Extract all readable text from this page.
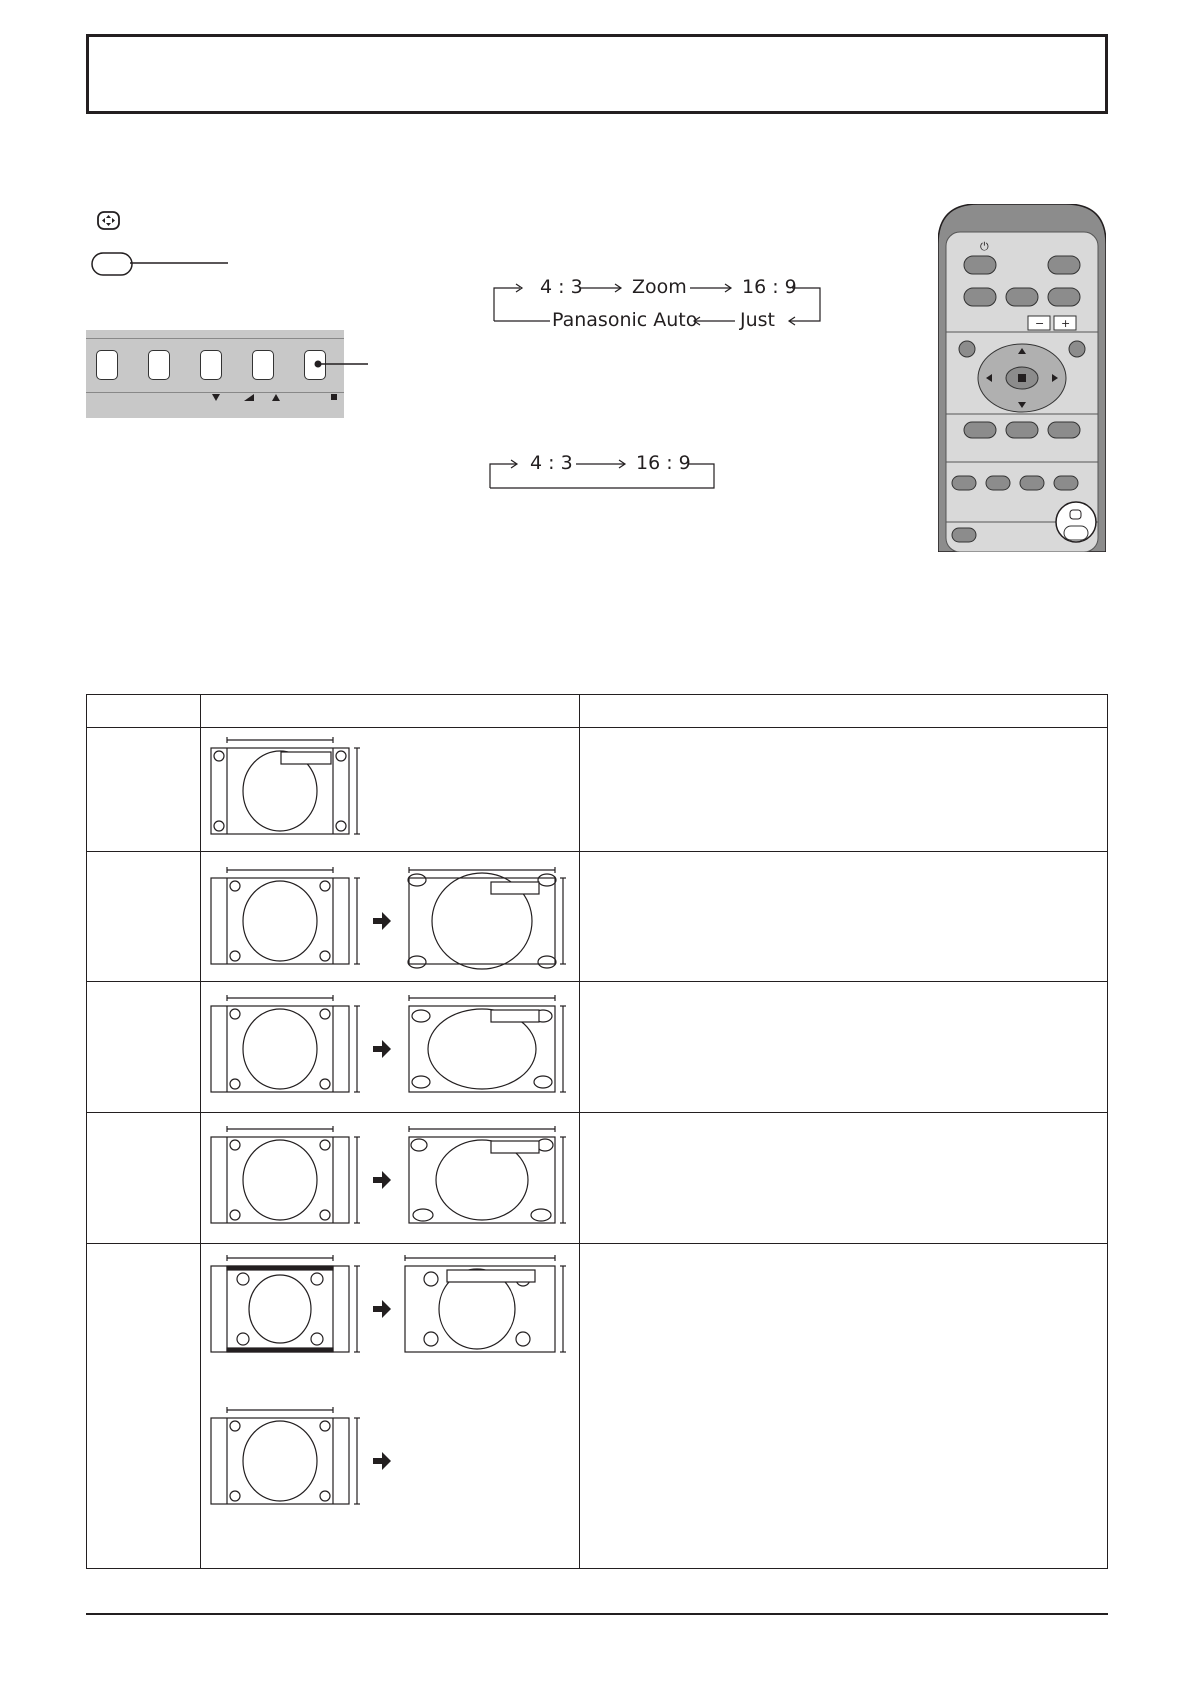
4 : 3	Zoom	16 : 9
Panasonic Auto Just
4 : 3	16 : 9
⏻
− +
